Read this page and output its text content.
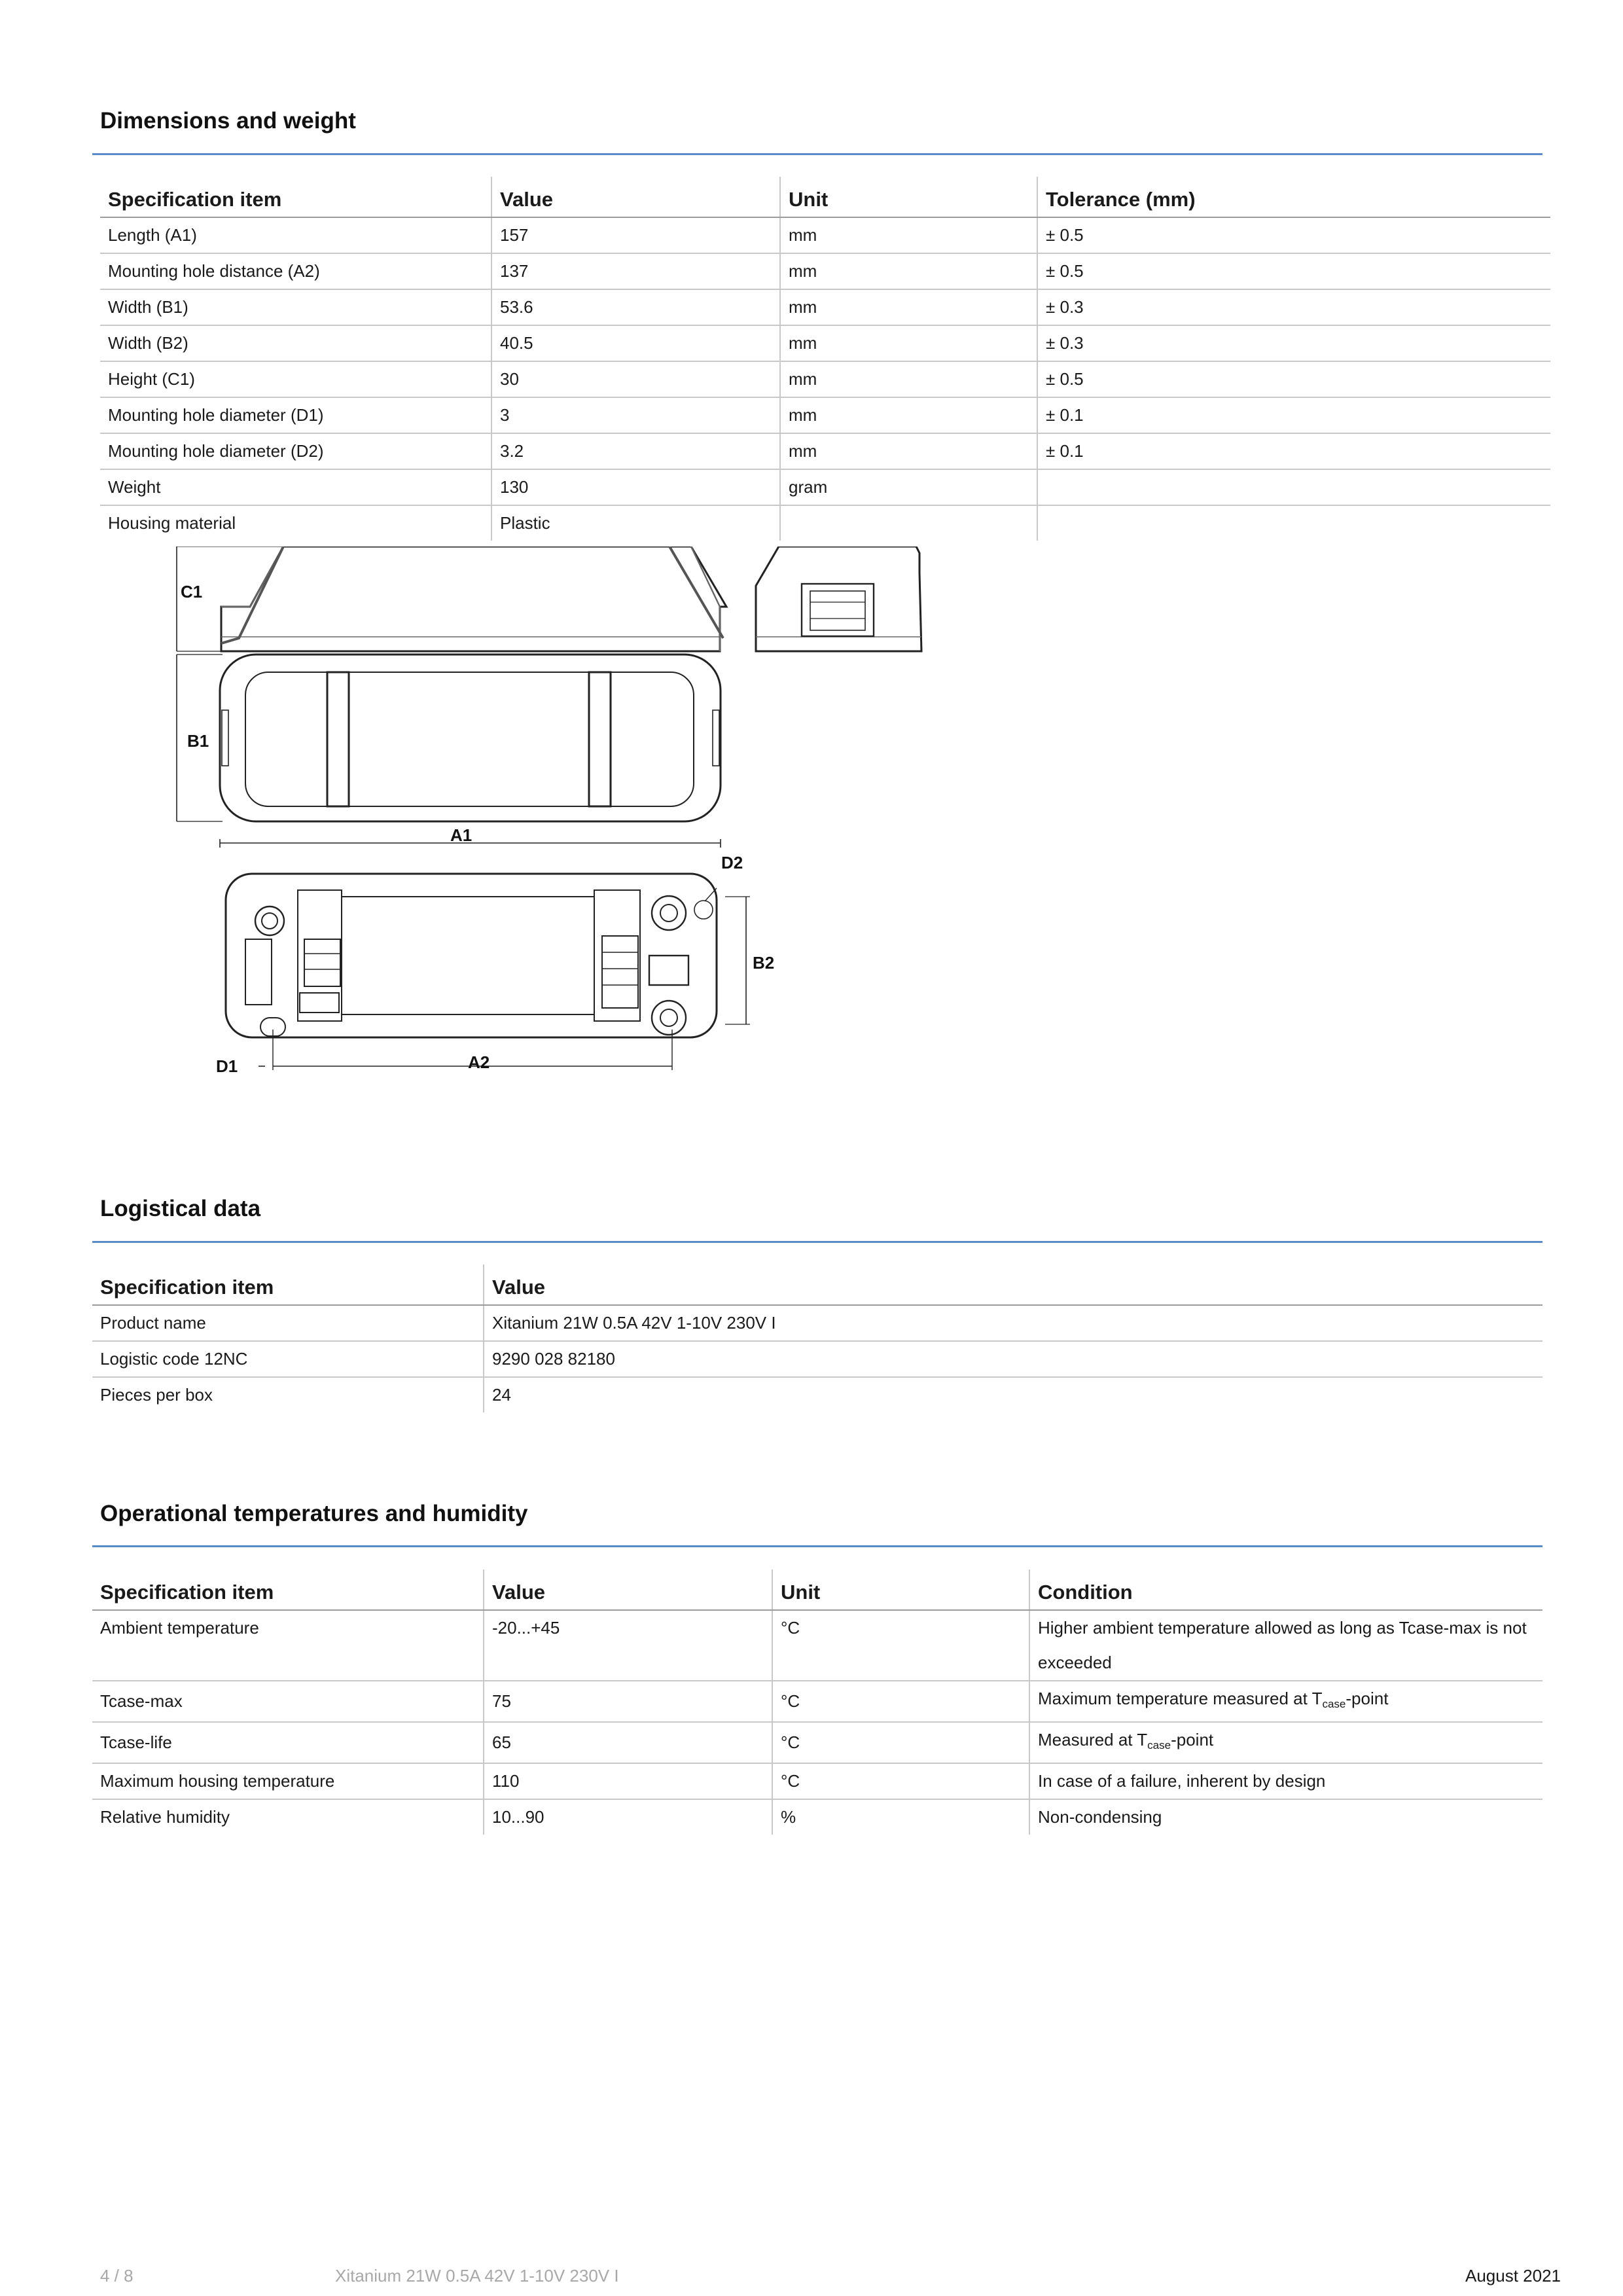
Dimensions and weight
Specification item	Value	Unit	Tolerance (mm)
Length (A1)	157	mm	± 0.5
Mounting hole distance (A2)	137	mm	± 0.5
Width (B1)	53.6	mm	± 0.3
Width (B2)	40.5	mm	± 0.3
Height (C1)	30	mm	± 0.5
Mounting hole diameter (D1)	3	mm	± 0.1
Mounting hole diameter (D2)	3.2	mm	± 0.1
Weight	130	gram	
Housing material	Plastic		
C1
B1
A1
D2
B2
D1	A2
Logistical data
Specification item	Value
Product name	Xitanium 21W 0.5A 42V 1-10V 230V I
Logistic code 12NC	9290 028 82180
Pieces per box	24
Operational temperatures and humidity
Specification item	Value	Unit	Condition
Ambient temperature	-20...+45	°C	Higher ambient temperature allowed as long as Tcase-max is not exceeded
Tcase-max	75	°C	Maximum temperature measured at $T_{case}$-point
Tcase-life	65	°C	Measured at $T_{case}$-point
Maximum housing temperature	110	°C	In case of a failure, inherent by design
Relative humidity	10...90	%	Non-condensing
4 / 8	Xitanium 21W 0.5A 42V 1-10V 230V I	August 2021
